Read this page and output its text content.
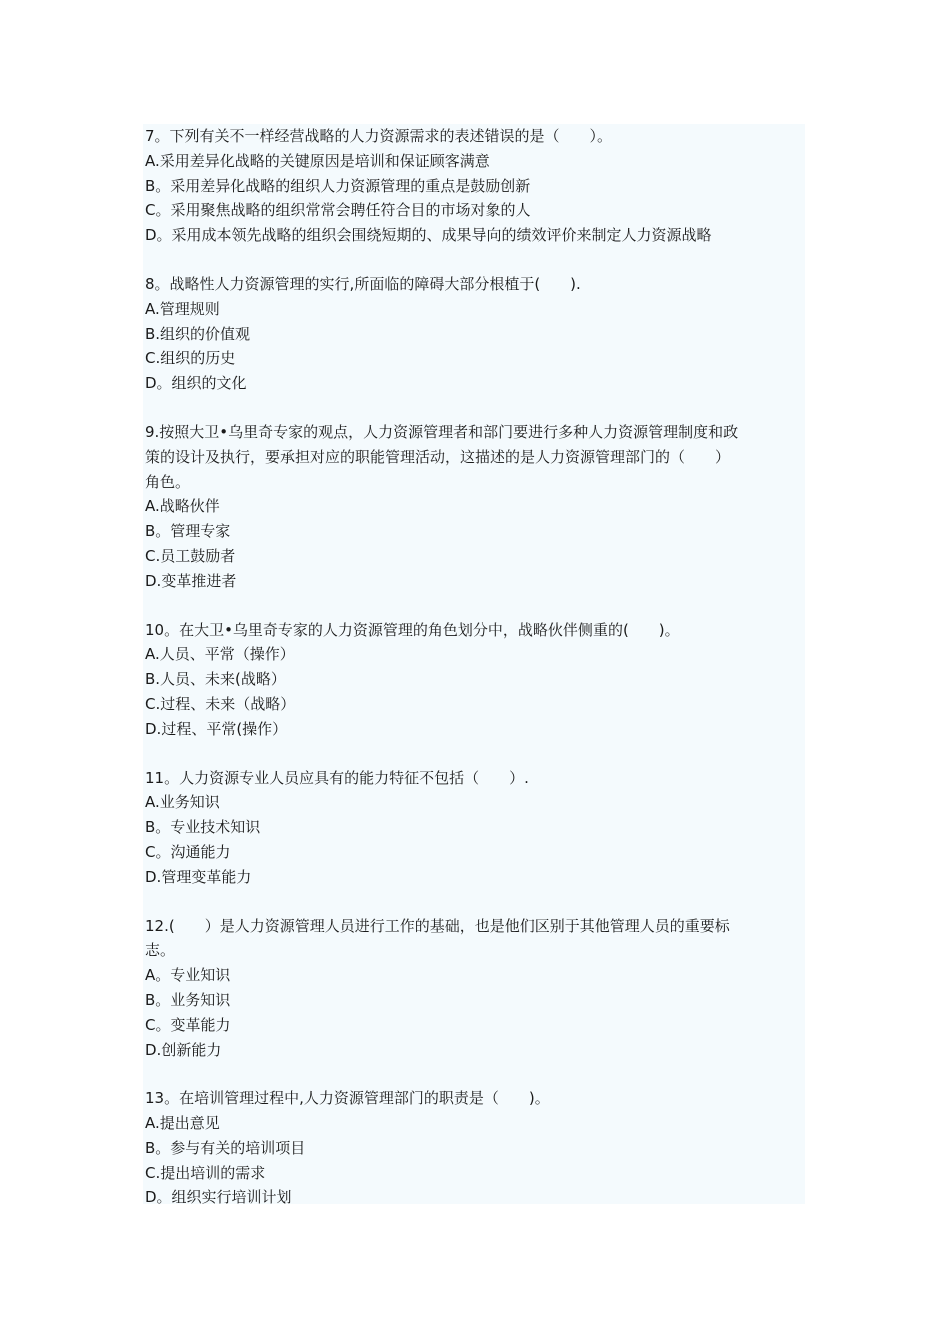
7。下列有关不一样经营战略的人力资源需求的表述错误的是（　　）。

A.采用差异化战略的关键原因是培训和保证顾客满意

B。采用差异化战略的组织人力资源管理的重点是鼓励创新

C。采用聚焦战略的组织常常会聘任符合目的市场对象的人

D。采用成本领先战略的组织会围绕短期的、成果导向的绩效评价来制定人力资源战略

8。战略性人力资源管理的实行,所面临的障碍大部分根植于(　　).

A.管理规则

B.组织的价值观

C.组织的历史

D。组织的文化

9.按照大卫•乌里奇专家的观点，人力资源管理者和部门要进行多种人力资源管理制度和政

策的设计及执行，要承担对应的职能管理活动，这描述的是人力资源管理部门的（　　）

角色。

A.战略伙伴

B。管理专家

C.员工鼓励者

D.变革推进者

10。在大卫•乌里奇专家的人力资源管理的角色划分中，战略伙伴侧重的(　　)。

A.人员、平常（操作）

B.人员、未来(战略）

C.过程、未来（战略）

D.过程、平常(操作）

11。人力资源专业人员应具有的能力特征不包括（　　）.

A.业务知识

B。专业技术知识

C。沟通能力

D.管理变革能力

12.(　　）是人力资源管理人员进行工作的基础，也是他们区别于其他管理人员的重要标

志。

A。专业知识

B。业务知识

C。变革能力

D.创新能力

13。在培训管理过程中,人力资源管理部门的职责是（　　)。

A.提出意见

B。参与有关的培训项目

C.提出培训的需求

D。组织实行培训计划
